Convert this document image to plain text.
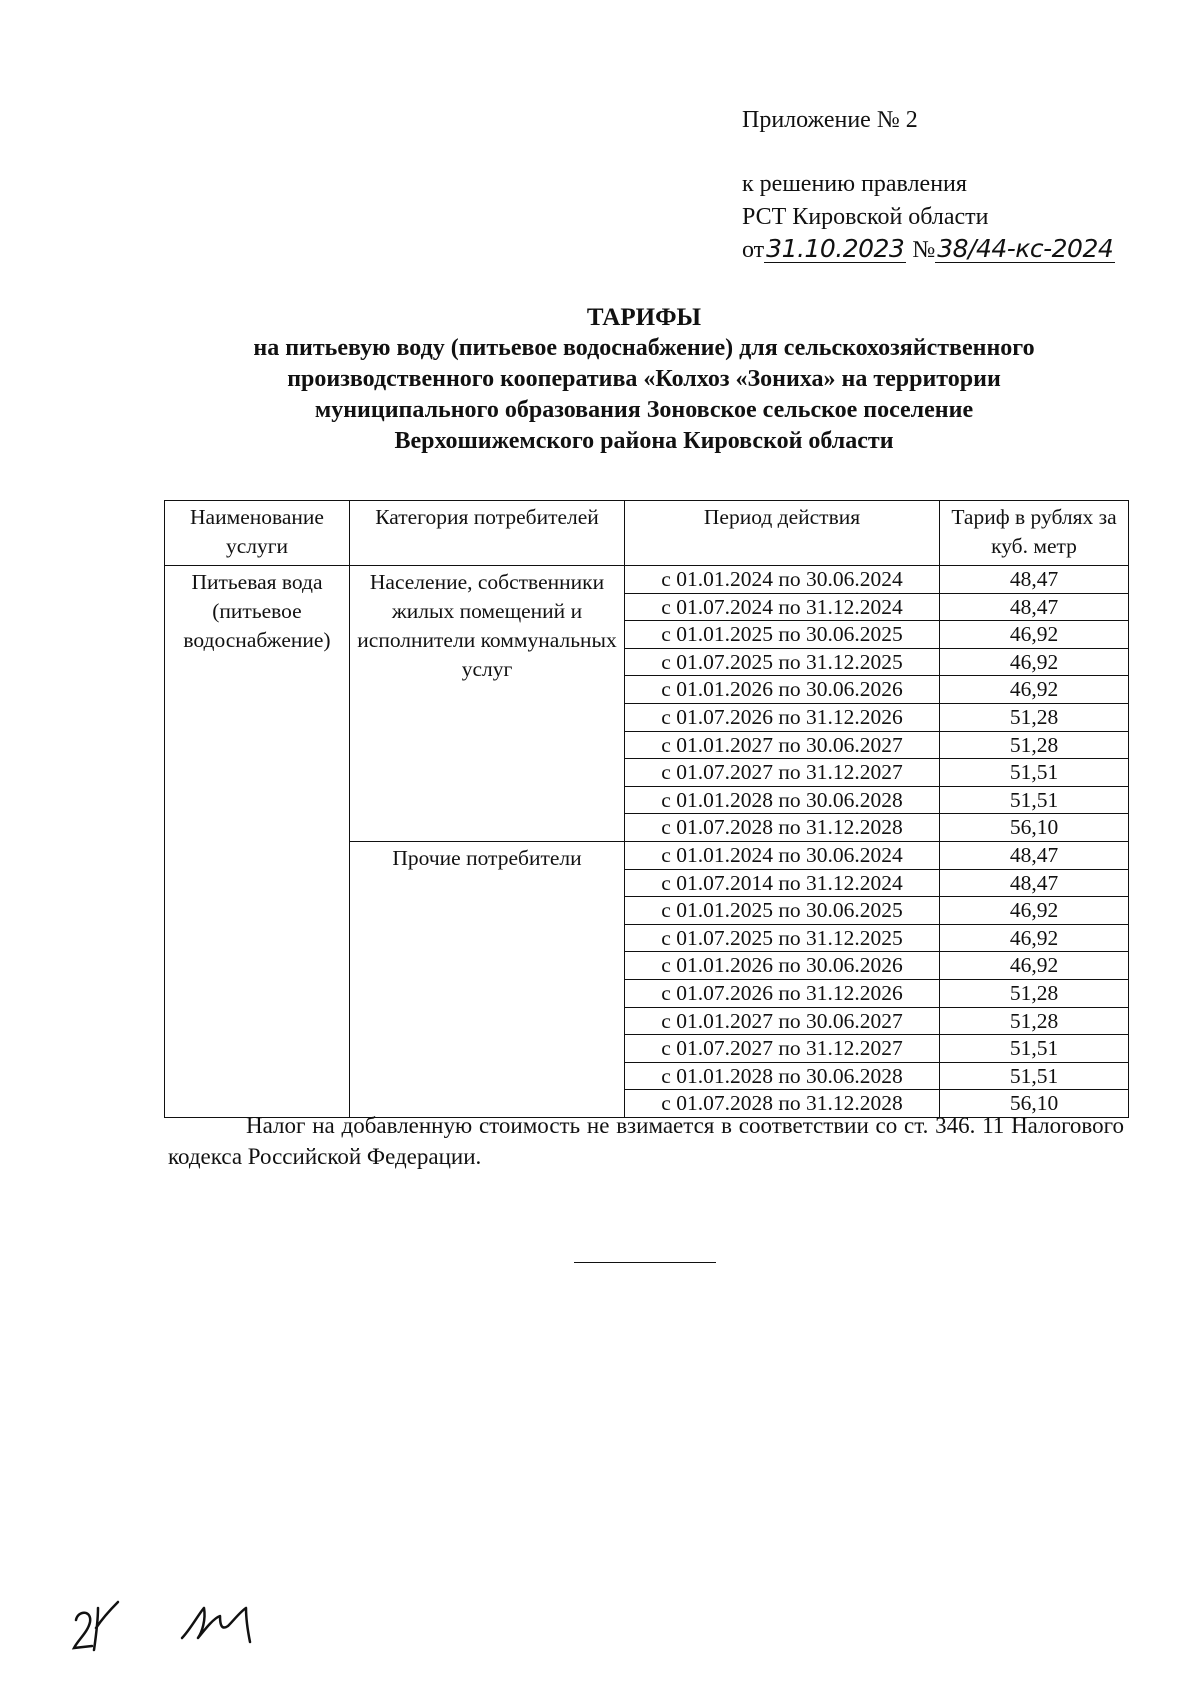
Приложение № 2
к решению правления
РСТ Кировской области
от31.10.2023 №38/44-кс-2024
ТАРИФЫ
на питьевую воду (питьевое водоснабжение) для сельскохозяйственного
производственного кооператива «Колхоз «Зониха» на территории
муниципального образования Зоновское сельское поселение
Верхошижемского района Кировской области
Наименование услуги	Категория потребителей	Период действия	Тариф в рублях за куб. метр
Питьевая вода (питьевое водоснабжение)	Население, собственники жилых помещений и исполнители коммунальных услуг	с 01.01.2024 по 30.06.2024	48,47
		с 01.07.2024 по 31.12.2024	48,47
		с 01.01.2025 по 30.06.2025	46,92
		с 01.07.2025 по 31.12.2025	46,92
		с 01.01.2026 по 30.06.2026	46,92
		с 01.07.2026 по 31.12.2026	51,28
		с 01.01.2027 по 30.06.2027	51,28
		с 01.07.2027 по 31.12.2027	51,51
		с 01.01.2028 по 30.06.2028	51,51
		с 01.07.2028 по 31.12.2028	56,10
	Прочие потребители	с 01.01.2024 по 30.06.2024	48,47
		с 01.07.2014 по 31.12.2024	48,47
		с 01.01.2025 по 30.06.2025	46,92
		с 01.07.2025 по 31.12.2025	46,92
		с 01.01.2026 по 30.06.2026	46,92
		с 01.07.2026 по 31.12.2026	51,28
		с 01.01.2027 по 30.06.2027	51,28
		с 01.07.2027 по 31.12.2027	51,51
		с 01.01.2028 по 30.06.2028	51,51
		с 01.07.2028 по 31.12.2028	56,10
Налог на добавленную стоимость не взимается в соответствии со ст. 346. 11 Налогового кодекса Российской Федерации.
